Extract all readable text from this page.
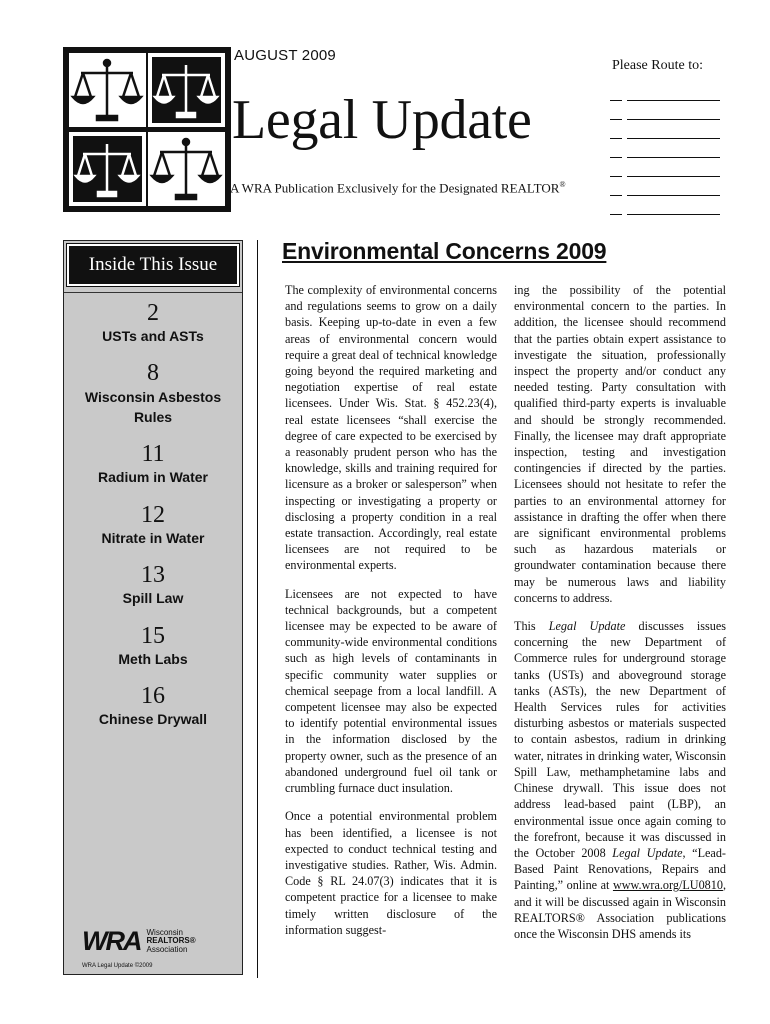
AUGUST 2009
Legal Update
A WRA Publication Exclusively for the Designated REALTOR®
Please Route to:
Inside This Issue
2
USTs and ASTs
8
Wisconsin Asbestos Rules
11
Radium in Water
12
Nitrate in Water
13
Spill Law
15
Meth Labs
16
Chinese Drywall
WRA Wisconsin
REALTORS®
Association
WRA Legal Update ©2009
Environmental Concerns 2009

The complexity of environmental concerns and regulations seems to grow on a daily basis. Keeping up-to-date in even a few areas of environmental concern would require a great deal of technical knowledge going beyond the required marketing and negotiation expertise of real estate licensees. Under Wis. Stat. § 452.23(4), real estate licensees “shall exercise the degree of care expected to be exercised by a reasonably prudent person who has the knowledge, skills and training required for licensure as a broker or salesperson” when inspecting or investigating a property or disclosing a property condition in a real estate transaction. Accordingly, real estate licensees are not required to be environmental experts.

Licensees are not expected to have technical backgrounds, but a competent licensee may be expected to be aware of community-wide environmental conditions such as high levels of contaminants in specific community water supplies or chemical seepage from a local landfill. A competent licensee may also be expected to identify potential environmental issues in the information disclosed by the property owner, such as the presence of an abandoned underground fuel oil tank or crumbling furnace duct insulation.

Once a potential environmental problem has been identified, a licensee is not expected to conduct technical testing and investigative studies. Rather, Wis. Admin. Code § RL 24.07(3) indicates that it is competent practice for a licensee to make timely written disclosure of the information suggest-

ing the possibility of the potential environmental concern to the parties. In addition, the licensee should recommend that the parties obtain expert assistance to investigate the situation, professionally inspect the property and/or conduct any needed testing. Party consultation with qualified third-party experts is invaluable and should be strongly recommended. Finally, the licensee may draft appropriate inspection, testing and investigation contingencies if directed by the parties. Licensees should not hesitate to refer the parties to an environmental attorney for assistance in drafting the offer when there are significant environmental problems such as hazardous materials or groundwater contamination because there may be numerous laws and liability concerns to address.

This Legal Update discusses issues concerning the new Department of Commerce rules for underground storage tanks (USTs) and aboveground storage tanks (ASTs), the new Department of Health Services rules for activities disturbing asbestos or materials suspected to contain asbestos, radium in drinking water, nitrates in drinking water, Wisconsin Spill Law, methamphetamine labs and Chinese drywall. This issue does not address lead-based paint (LBP), an environmental issue once again coming to the forefront, because it was discussed in the October 2008 Legal Update, “Lead-Based Paint Renovations, Repairs and Painting,” online at www.wra.org/LU0810, and it will be discussed again in Wisconsin REALTORS® Association publications once the Wisconsin DHS amends its
